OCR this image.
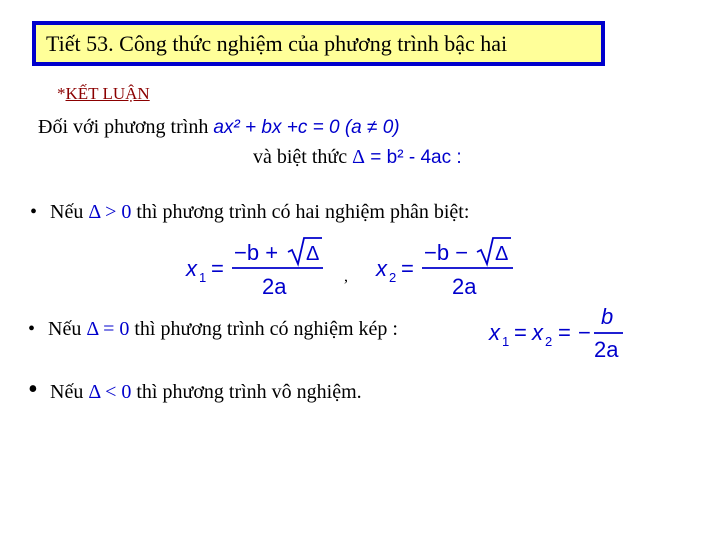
Tiết 53. Công thức nghiệm của phương trình bậc hai
*KẾT LUẬN
Đối với phương trình ax² + bx +c = 0 (a ≠ 0)
và biệt thức Δ = b² - 4ac :
• Nếu Δ > 0 thì phương trình có hai nghiệm phân biệt:
x 1 =
−b + Δ
2a	, x 2 =
−b − Δ
2a
• Nếu Δ = 0 thì phương trình có nghiệm kép :	x 1 = x 2 = −
b
2a
• Nếu Δ < 0 thì phương trình vô nghiệm.
